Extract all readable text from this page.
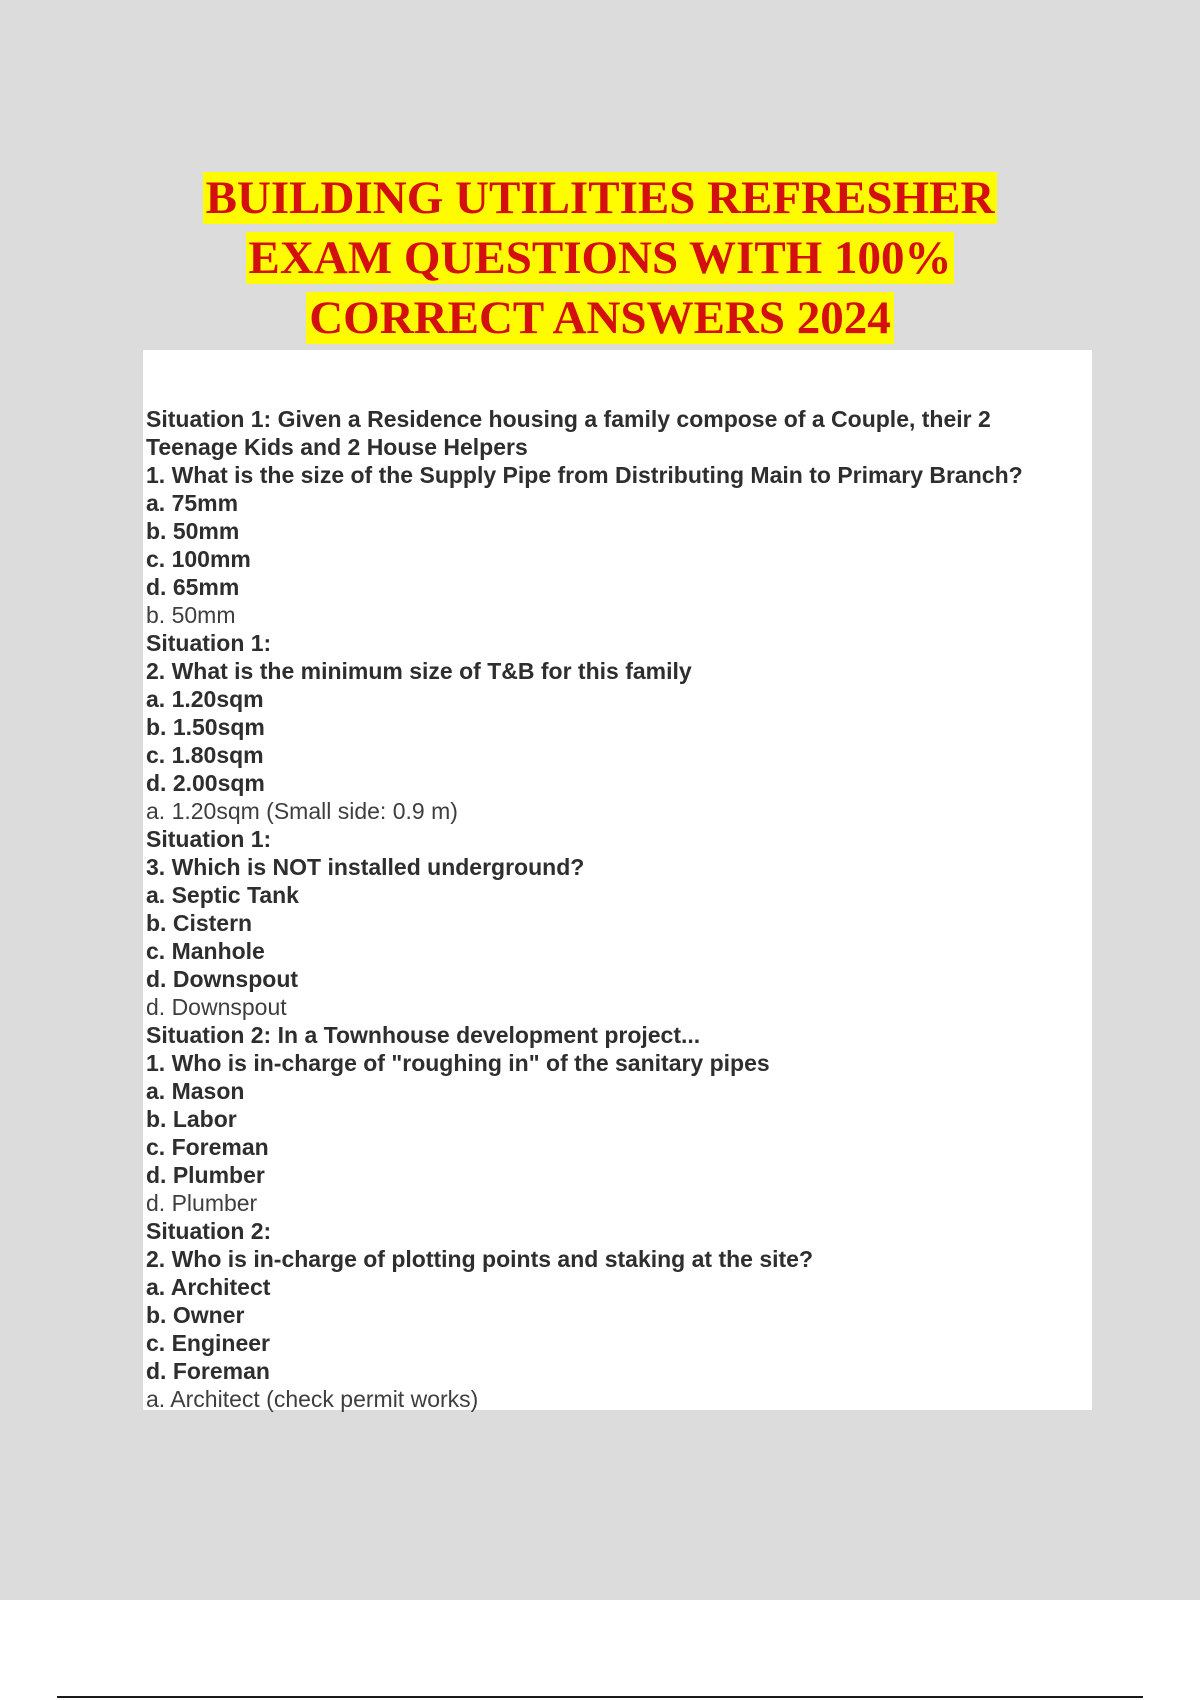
BUILDING UTILITIES REFRESHER
EXAM QUESTIONS WITH 100%
CORRECT ANSWERS 2024
Situation 1: Given a Residence housing a family compose of a Couple, their 2
Teenage Kids and 2 House Helpers
1. What is the size of the Supply Pipe from Distributing Main to Primary Branch?
a. 75mm
b. 50mm
c. 100mm
d. 65mm
b. 50mm
Situation 1:
2. What is the minimum size of T&B for this family
a. 1.20sqm
b. 1.50sqm
c. 1.80sqm
d. 2.00sqm
a. 1.20sqm (Small side: 0.9 m)
Situation 1:
3. Which is NOT installed underground?
a. Septic Tank
b. Cistern
c. Manhole
d. Downspout
d. Downspout
Situation 2: In a Townhouse development project...
1. Who is in-charge of "roughing in" of the sanitary pipes
a. Mason
b. Labor
c. Foreman
d. Plumber
d. Plumber
Situation 2:
2. Who is in-charge of plotting points and staking at the site?
a. Architect
b. Owner
c. Engineer
d. Foreman
a. Architect (check permit works)
